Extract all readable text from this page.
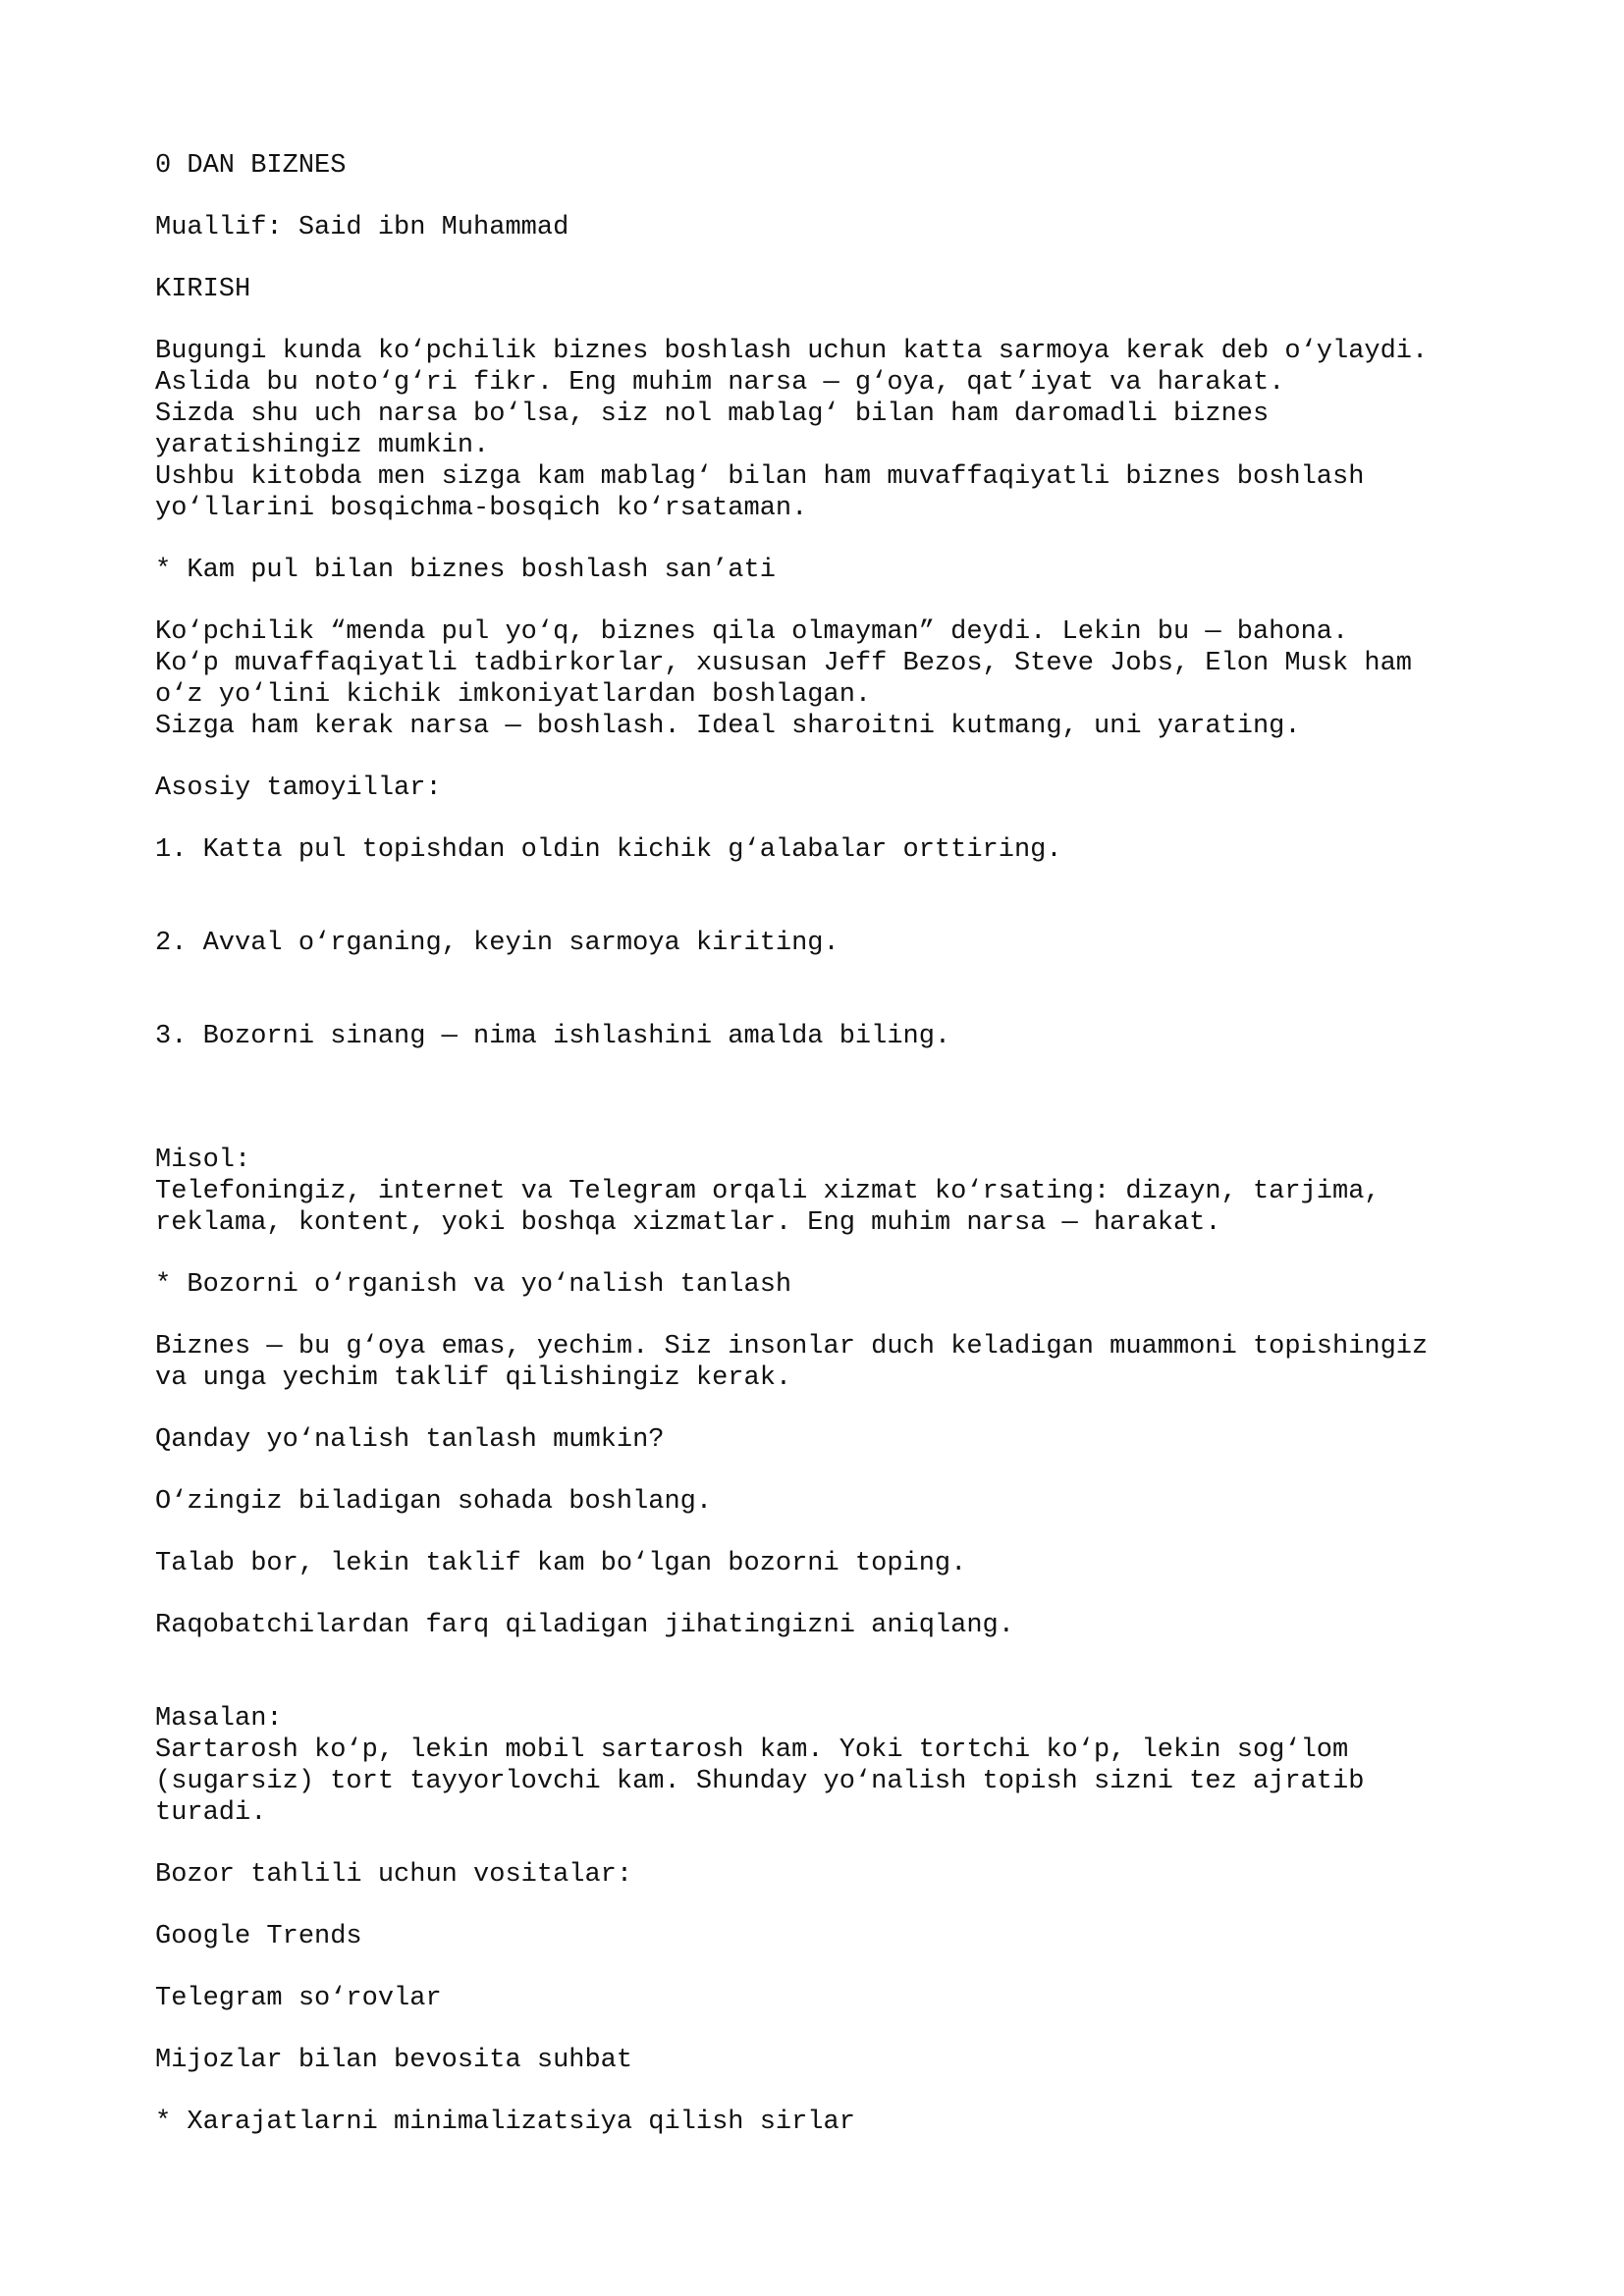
0 DAN BIZNES
Muallif: Said ibn Muhammad
KIRISH
Bugungi kunda ko‘pchilik biznes boshlash uchun katta sarmoya kerak deb o‘ylaydi.
Aslida bu noto‘g‘ri fikr. Eng muhim narsa — g‘oya, qat’iyat va harakat.
Sizda shu uch narsa bo‘lsa, siz nol mablag‘ bilan ham daromadli biznes
yaratishingiz mumkin.
Ushbu kitobda men sizga kam mablag‘ bilan ham muvaffaqiyatli biznes boshlash
yo‘llarini bosqichma-bosqich ko‘rsataman.
* Kam pul bilan biznes boshlash san’ati
Ko‘pchilik “menda pul yo‘q, biznes qila olmayman” deydi. Lekin bu — bahona.
Ko‘p muvaffaqiyatli tadbirkorlar, xususan Jeff Bezos, Steve Jobs, Elon Musk ham
o‘z yo‘lini kichik imkoniyatlardan boshlagan.
Sizga ham kerak narsa — boshlash. Ideal sharoitni kutmang, uni yarating.
Asosiy tamoyillar:
1. Katta pul topishdan oldin kichik g‘alabalar orttiring.
2. Avval o‘rganing, keyin sarmoya kiriting.
3. Bozorni sinang — nima ishlashini amalda biling.
Misol:
Telefoningiz, internet va Telegram orqali xizmat ko‘rsating: dizayn, tarjima,
reklama, kontent, yoki boshqa xizmatlar. Eng muhim narsa — harakat.
* Bozorni o‘rganish va yo‘nalish tanlash
Biznes — bu g‘oya emas, yechim. Siz insonlar duch keladigan muammoni topishingiz
va unga yechim taklif qilishingiz kerak.
Qanday yo‘nalish tanlash mumkin?
O‘zingiz biladigan sohada boshlang.
Talab bor, lekin taklif kam bo‘lgan bozorni toping.
Raqobatchilardan farq qiladigan jihatingizni aniqlang.
Masalan:
Sartarosh ko‘p, lekin mobil sartarosh kam. Yoki tortchi ko‘p, lekin sog‘lom
(sugarsiz) tort tayyorlovchi kam. Shunday yo‘nalish topish sizni tez ajratib
turadi.
Bozor tahlili uchun vositalar:
Google Trends
Telegram so‘rovlar
Mijozlar bilan bevosita suhbat
* Xarajatlarni minimalizatsiya qilish sirlar
